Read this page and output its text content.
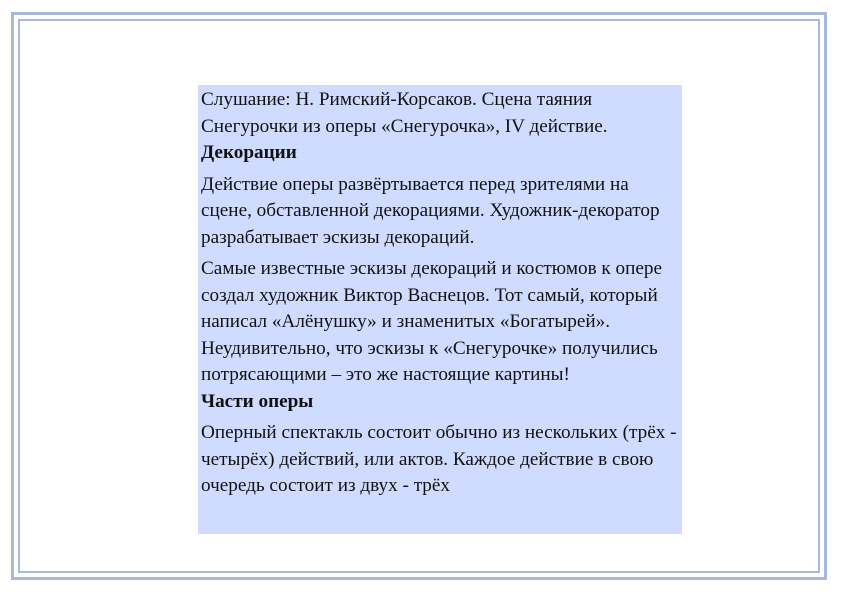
Слушание: Н. Римский-Корсаков. Сцена таяния Снегурочки из оперы «Снегурочка», IV действие.

Декорации

Действие оперы развёртывается перед зрителями на сцене, обставленной декорациями. Художник-декоратор разрабатывает эскизы декораций.

Самые известные эскизы декораций и костюмов к опере создал художник Виктор Васнецов. Тот самый, который написал «Алёнушку» и знаменитых «Богатырей». Неудивительно, что эскизы к «Снегурочке» получились потрясающими – это же настоящие картины!

Части оперы

Оперный спектакль состоит обычно из нескольких (трёх - четырёх) действий, или актов. Каждое действие в свою очередь состоит из двух - трёх
